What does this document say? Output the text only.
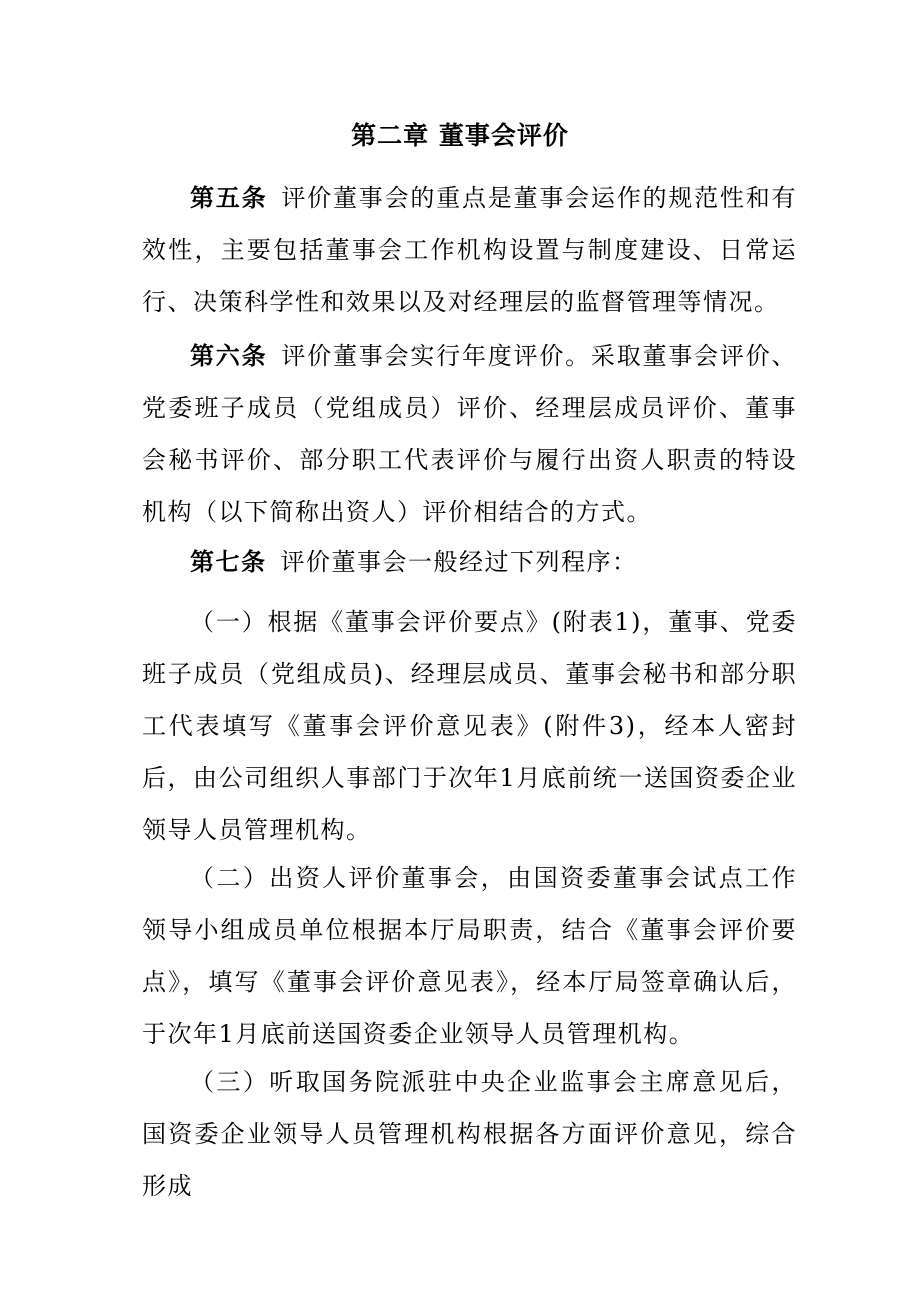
第二章 董事会评价

第五条 评价董事会的重点是董事会运作的规范性和有效性，主要包括董事会工作机构设置与制度建设、日常运行、决策科学性和效果以及对经理层的监督管理等情况。

第六条 评价董事会实行年度评价。采取董事会评价、党委班子成员（党组成员）评价、经理层成员评价、董事会秘书评价、部分职工代表评价与履行出资人职责的特设机构（以下简称出资人）评价相结合的方式。

第七条 评价董事会一般经过下列程序：

（一）根据《董事会评价要点》(附表1)，董事、党委班子成员（党组成员)、经理层成员、董事会秘书和部分职工代表填写《董事会评价意见表》(附件3)，经本人密封后，由公司组织人事部门于次年1月底前统一送国资委企业领导人员管理机构。

（二）出资人评价董事会，由国资委董事会试点工作领导小组成员单位根据本厅局职责，结合《董事会评价要点》，填写《董事会评价意见表》，经本厅局签章确认后，于次年1月底前送国资委企业领导人员管理机构。

（三）听取国务院派驻中央企业监事会主席意见后，国资委企业领导人员管理机构根据各方面评价意见，综合形成
